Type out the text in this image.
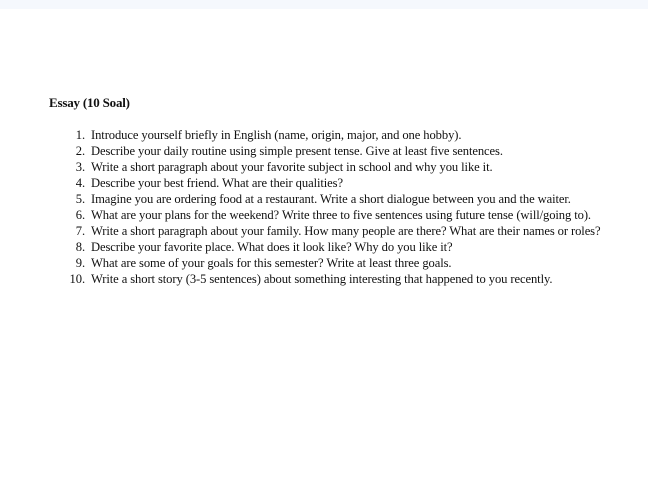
Essay (10 Soal)
1. Introduce yourself briefly in English (name, origin, major, and one hobby).
2. Describe your daily routine using simple present tense. Give at least five sentences.
3. Write a short paragraph about your favorite subject in school and why you like it.
4. Describe your best friend. What are their qualities?
5. Imagine you are ordering food at a restaurant. Write a short dialogue between you and the waiter.
6. What are your plans for the weekend? Write three to five sentences using future tense (will/going to).
7. Write a short paragraph about your family. How many people are there? What are their names or roles?
8. Describe your favorite place. What does it look like? Why do you like it?
9. What are some of your goals for this semester? Write at least three goals.
10. Write a short story (3-5 sentences) about something interesting that happened to you recently.
